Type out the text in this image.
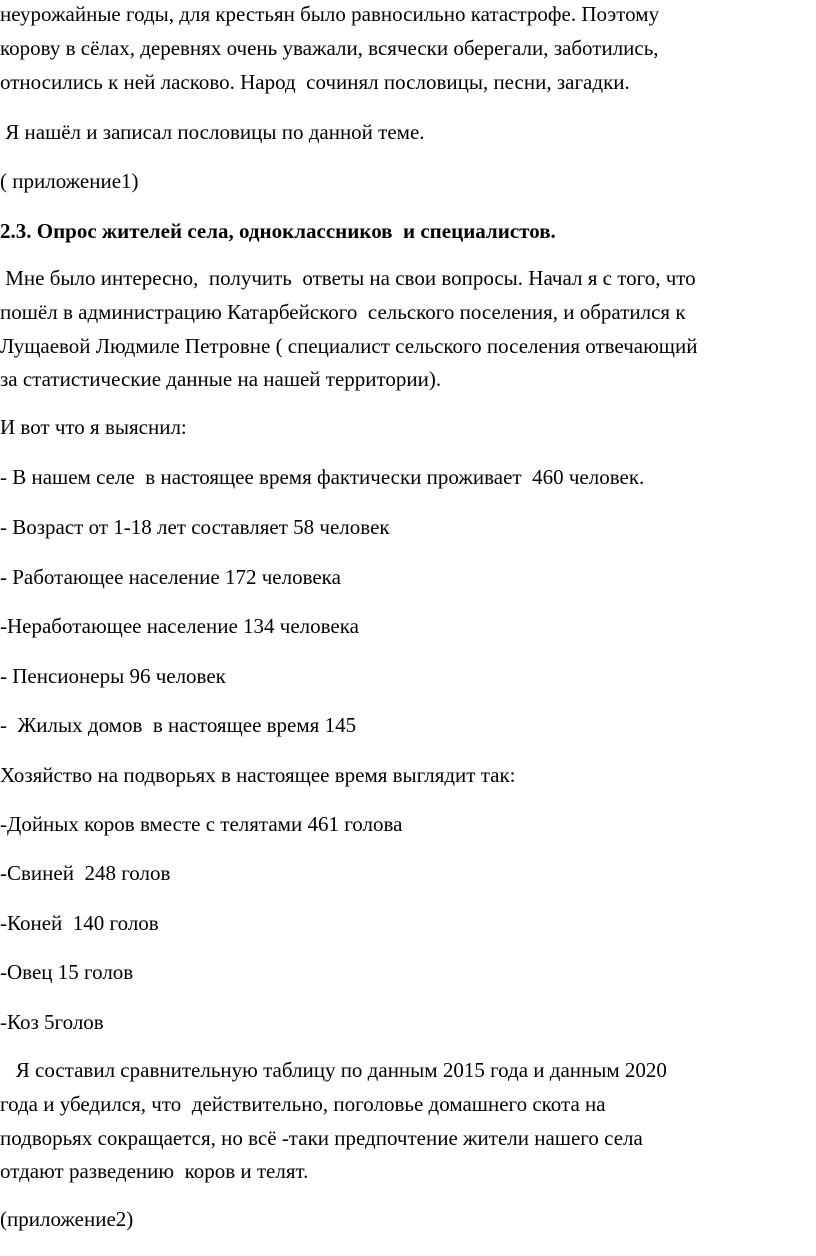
неурожайные годы, для крестьян было равносильно катастрофе. Поэтому
корову в сёлах, деревнях очень уважали, всячески оберегали, заботились,
относились к ней ласково. Народ  сочинял пословицы, песни, загадки.
Я нашёл и записал пословицы по данной теме.
( приложение1)
2.3. Опрос жителей села, одноклассников  и специалистов.
Мне было интересно,  получить  ответы на свои вопросы. Начал я с того, что
пошёл в администрацию Катарбейского  сельского поселения, и обратился к
Лущаевой Людмиле Петровне ( специалист сельского поселения отвечающий
за статистические данные на нашей территории).
И вот что я выяснил:
- В нашем селе  в настоящее время фактически проживает  460 человек.
- Возраст от 1-18 лет составляет 58 человек
- Работающее население 172 человека
-Неработающее население 134 человека
- Пенсионеры 96 человек
-  Жилых домов  в настоящее время 145
Хозяйство на подворьях в настоящее время выглядит так:
-Дойных коров вместе с телятами 461 голова
-Свиней  248 голов
-Коней  140 голов
-Овец 15 голов
-Коз 5голов
Я составил сравнительную таблицу по данным 2015 года и данным 2020
года и убедился, что  действительно, поголовье домашнего скота на
подворьях сокращается, но всё -таки предпочтение жители нашего села
отдают разведению  коров и телят.
(приложение2)
